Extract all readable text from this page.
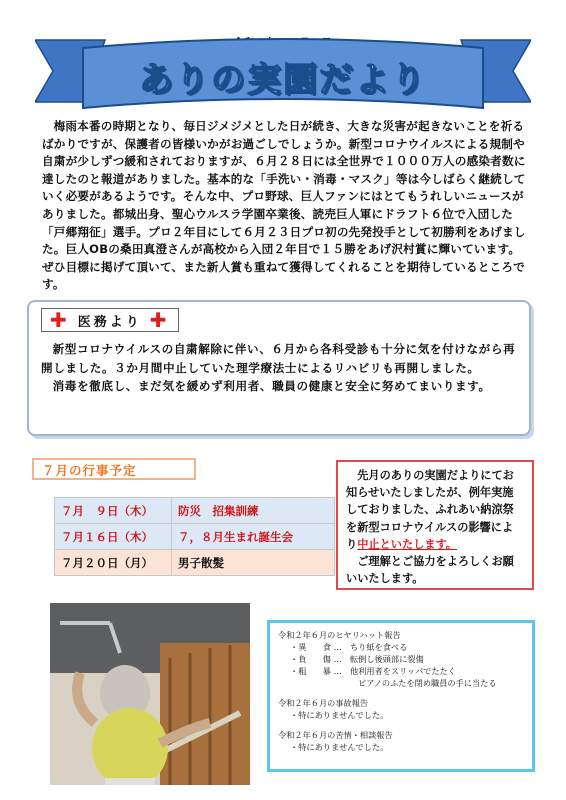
ありの実園だより

梅雨本番の時期となり、毎日ジメジメとした日が続き、大きな災害が起きないことを祈るばかりですが、保護者の皆様いかがお過ごしでしょうか。新型コロナウイルスによる規制や自粛が少しずつ緩和されておりますが、６月２８日には全世界で１０００万人の感染者数に達したのと報道がありました。基本的な「手洗い・消毒・マスク」等は今しばらく継続していく必要があるようです。そんな中、プロ野球、巨人ファンにはとてもうれしいニュースがありました。都城出身、聖心ウルスラ学園卒業後、読売巨人軍にドラフト６位で入団した「戸郷翔征」選手。プロ２年目にして６月２３日プロ初の先発投手として初勝利をあげました。巨人OBの桑田真澄さんが高校から入団２年目で１５勝をあげ沢村賞に輝いています。ぜひ目標に掲げて頂いて、また新人賞も重ねて獲得してくれることを期待しているところです。

✚ 医務より ✚

新型コロナウイルスの自粛解除に伴い、６月から各科受診も十分に気を付けながら再開しました。３か月間中止していた理学療法士によるリハビリも再開しました。

消毒を徹底し、まだ気を緩めず利用者、職員の健康と安全に努めてまいります。

７月の行事予定
７月　９日（木）	防災　招集訓練
７月１６日（木）	７，８月生まれ誕生会
７月２０日（月）	男子散髪

先月のありの実園だよりにてお知らせいたしましたが、例年実施しておりました、ふれあい納涼祭を新型コロナウイルスの影響により中止といたします。

ご理解とご協力をよろしくお願いいたします。

令和２年６月のヒヤリハット報告

・ 異　　食 …　ちり紙を食べる

・ 負　　傷 …　転倒し後頭部に裂傷

・ 粗　　暴 …　他利用者をスリッパでたたく

ピアノのふたを閉め職員の手に当たる

令和２年６月の事故報告

・ 特にありませんでした。

令和２年６月の苦情・相談報告

・ 特にありませんでした。
